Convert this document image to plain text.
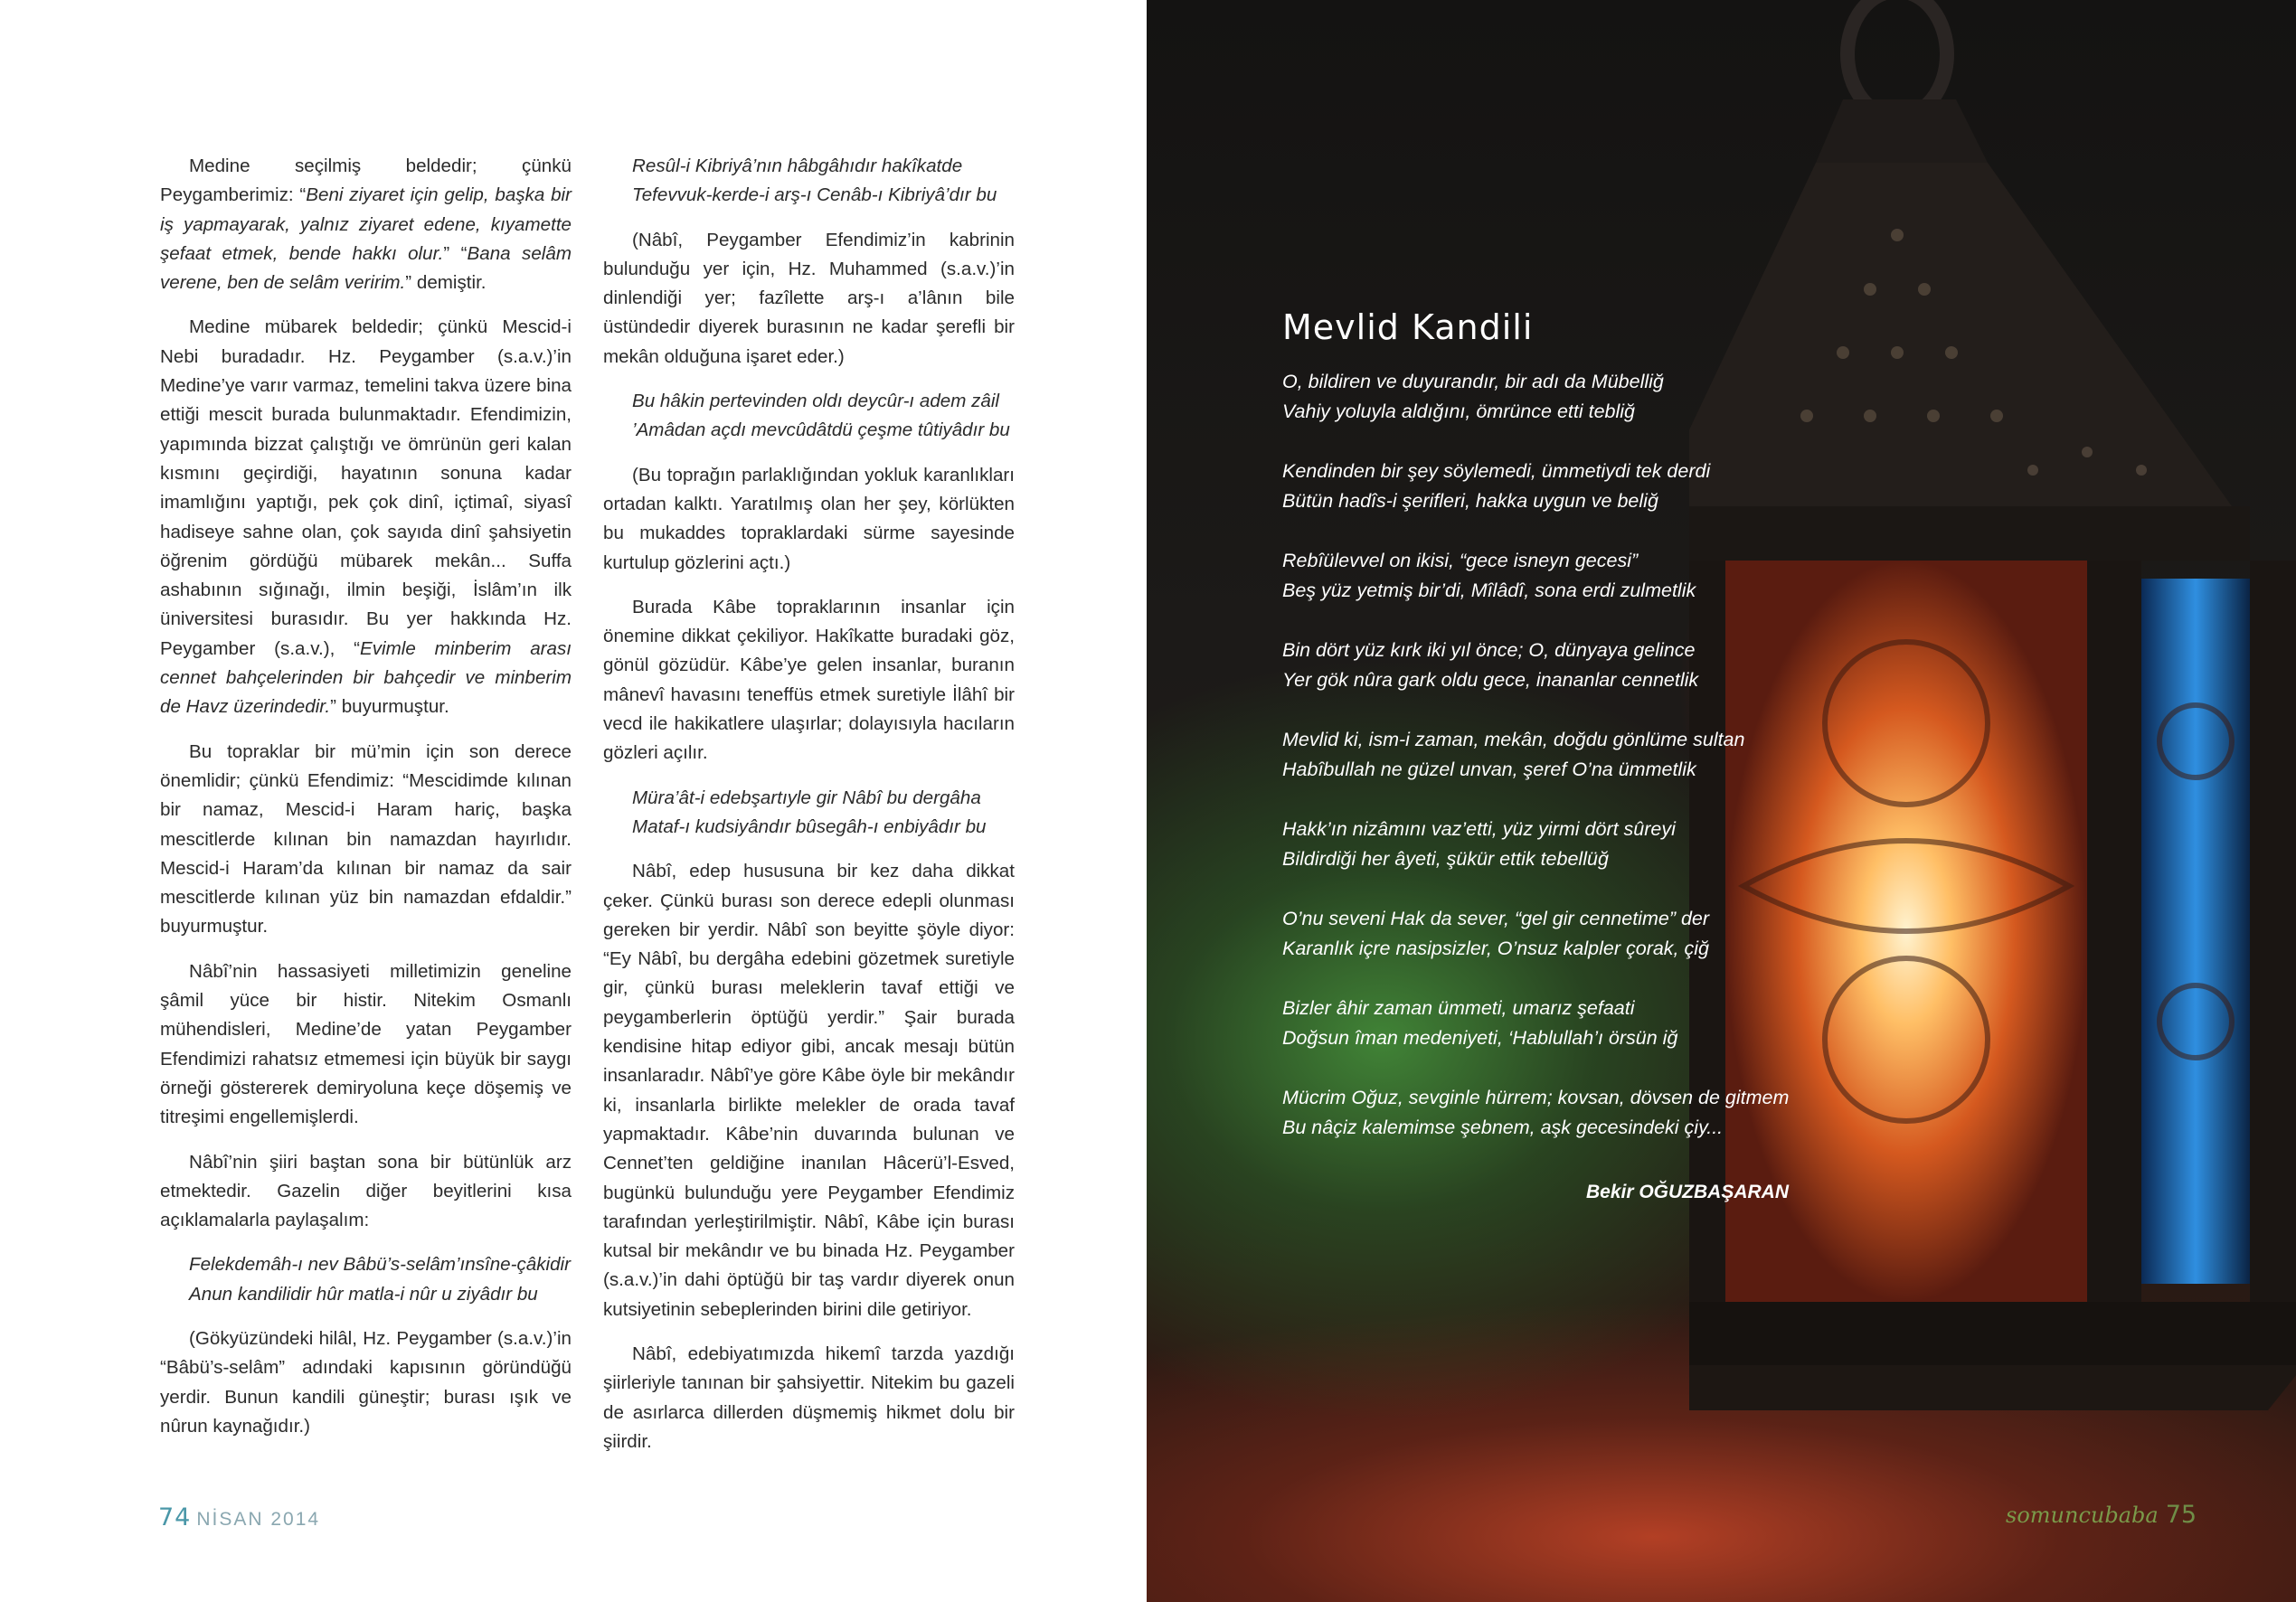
Medine seçilmiş beldedir; çünkü Peygamberimiz: “Beni ziyaret için gelip, başka bir iş yapmayarak, yalnız ziyaret edene, kıyamette şefaat etmek, bende hakkı olur.” “Bana selâm verene, ben de selâm veririm.” demiştir.

Medine mübarek beldedir; çünkü Mescid-i Nebi buradadır. Hz. Peygamber (s.a.v.)’in Medine’ye varır varmaz, temelini takva üzere bina ettiği mescit burada bulunmaktadır. Efendimizin, yapımında bizzat çalıştığı ve ömrünün geri kalan kısmını geçirdiği, hayatının sonuna kadar imamlığını yaptığı, pek çok dinî, içtimaî, siyasî hadiseye sahne olan, çok sayıda dinî şahsiyetin öğrenim gördüğü mübarek mekân... Suffa ashabının sığınağı, ilmin beşiği, İslâm’ın ilk üniversitesi burasıdır. Bu yer hakkında Hz. Peygamber (s.a.v.), “Evimle minberim arası cennet bahçelerinden bir bahçedir ve minberim de Havz üzerindedir.” buyurmuştur.

Bu topraklar bir mü’min için son derece önemlidir; çünkü Efendimiz: “Mescidimde kılınan bir namaz, Mescid-i Haram hariç, başka mescitlerde kılınan bin namazdan hayırlıdır. Mescid-i Haram’da kılınan bir namaz da sair mescitlerde kılınan yüz bin namazdan efdaldir.” buyurmuştur.

Nâbî’nin hassasiyeti milletimizin geneline şâmil yüce bir histir. Nitekim Osmanlı mühendisleri, Medine’de yatan Peygamber Efendimizi rahatsız etmemesi için büyük bir saygı örneği göstererek demiryoluna keçe döşemiş ve titreşimi engellemişlerdi.

Nâbî’nin şiiri baştan sona bir bütünlük arz etmektedir. Gazelin diğer beyitlerini kısa açıklamalarla paylaşalım:

Felekdemâh-ı nev Bâbü’s-selâm’ınsîne-çâkidir
Anun kandilidir hûr matla-i nûr u ziyâdır bu

(Gökyüzündeki hilâl, Hz. Peygamber (s.a.v.)’in “Bâbü’s-selâm” adındaki kapısının göründüğü yerdir. Bunun kandili güneştir; burası ışık ve nûrun kaynağıdır.)

Resûl-i Kibriyâ’nın hâbgâhıdır hakîkatde
Tefevvuk-kerde-i arş-ı Cenâb-ı Kibriyâ’dır bu

(Nâbî, Peygamber Efendimiz’in kabrinin bulunduğu yer için, Hz. Muhammed (s.a.v.)’in dinlendiği yer; fazîlette arş-ı a’lânın bile üstündedir diyerek burasının ne kadar şerefli bir mekân olduğuna işaret eder.)

Bu hâkin pertevinden oldı deycûr-ı adem zâil
’Amâdan açdı mevcûdâtdü çeşme tûtiyâdır bu

(Bu toprağın parlaklığından yokluk karanlıkları ortadan kalktı. Yaratılmış olan her şey, körlükten bu mukaddes topraklardaki sürme sayesinde kurtulup gözlerini açtı.)

Burada Kâbe topraklarının insanlar için önemine dikkat çekiliyor. Hakîkatte buradaki göz, gönül gözüdür. Kâbe’ye gelen insanlar, buranın mânevî havasını teneffüs etmek suretiyle İlâhî bir vecd ile hakikatlere ulaşırlar; dolayısıyla hacıların gözleri açılır.

Müra’ât-i edebşartıyle gir Nâbî bu dergâha
Mataf-ı kudsiyândır bûsegâh-ı enbiyâdır bu

Nâbî, edep hususuna bir kez daha dikkat çeker. Çünkü burası son derece edepli olunması gereken bir yerdir. Nâbî son beyitte şöyle diyor: “Ey Nâbî, bu dergâha edebini gözetmek suretiyle gir, çünkü burası meleklerin tavaf ettiği ve peygamberlerin öptüğü yerdir.” Şair burada kendisine hitap ediyor gibi, ancak mesajı bütün insanlaradır. Nâbî’ye göre Kâbe öyle bir mekândır ki, insanlarla birlikte melekler de orada tavaf yapmaktadır. Kâbe’nin duvarında bulunan ve Cennet’ten geldiğine inanılan Hâcerü’l-Esved, bugünkü bulunduğu yere Peygamber Efendimiz tarafından yerleştirilmiştir. Nâbî, Kâbe için burası kutsal bir mekândır ve bu binada Hz. Peygamber (s.a.v.)’in dahi öptüğü bir taş vardır diyerek onun kutsiyetinin sebeplerinden birini dile getiriyor.

Nâbî, edebiyatımızda hikemî tarzda yazdığı şiirleriyle tanınan bir şahsiyettir. Nitekim bu gazeli de asırlarca dillerden düşmemiş hikmet dolu bir şiirdir.

74 NİSAN 2014
Mevlid Kandili
O, bildiren ve duyurandır, bir adı da Mübelliğ
Vahiy yoluyla aldığını, ömrünce etti tebliğ
Kendinden bir şey söylemedi, ümmetiydi tek derdi
Bütün hadîs-i şerifleri, hakka uygun ve beliğ
Rebîülevvel on ikisi, “gece isneyn gecesi”
Beş yüz yetmiş bir’di, Mîlâdî, sona erdi zulmetlik
Bin dört yüz kırk iki yıl önce; O, dünyaya gelince
Yer gök nûra gark oldu gece, inananlar cennetlik
Mevlid ki, ism-i zaman, mekân, doğdu gönlüme sultan
Habîbullah ne güzel unvan, şeref O’na ümmetlik
Hakk’ın nizâmını vaz’etti, yüz yirmi dört sûreyi
Bildirdiği her âyeti, şükür ettik tebellüğ
O’nu seveni Hak da sever, “gel gir cennetime” der
Karanlık içre nasipsizler, O’nsuz kalpler çorak, çiğ
Bizler âhir zaman ümmeti, umarız şefaati
Doğsun îman medeniyeti, ‘Hablullah’ı örsün iğ
Mücrim Oğuz, sevginle hürrem; kovsan, dövsen de gitmem
Bu nâçiz kalemimse şebnem, aşk gecesindeki çiy...
Bekir OĞUZBAŞARAN
somuncubaba 75
